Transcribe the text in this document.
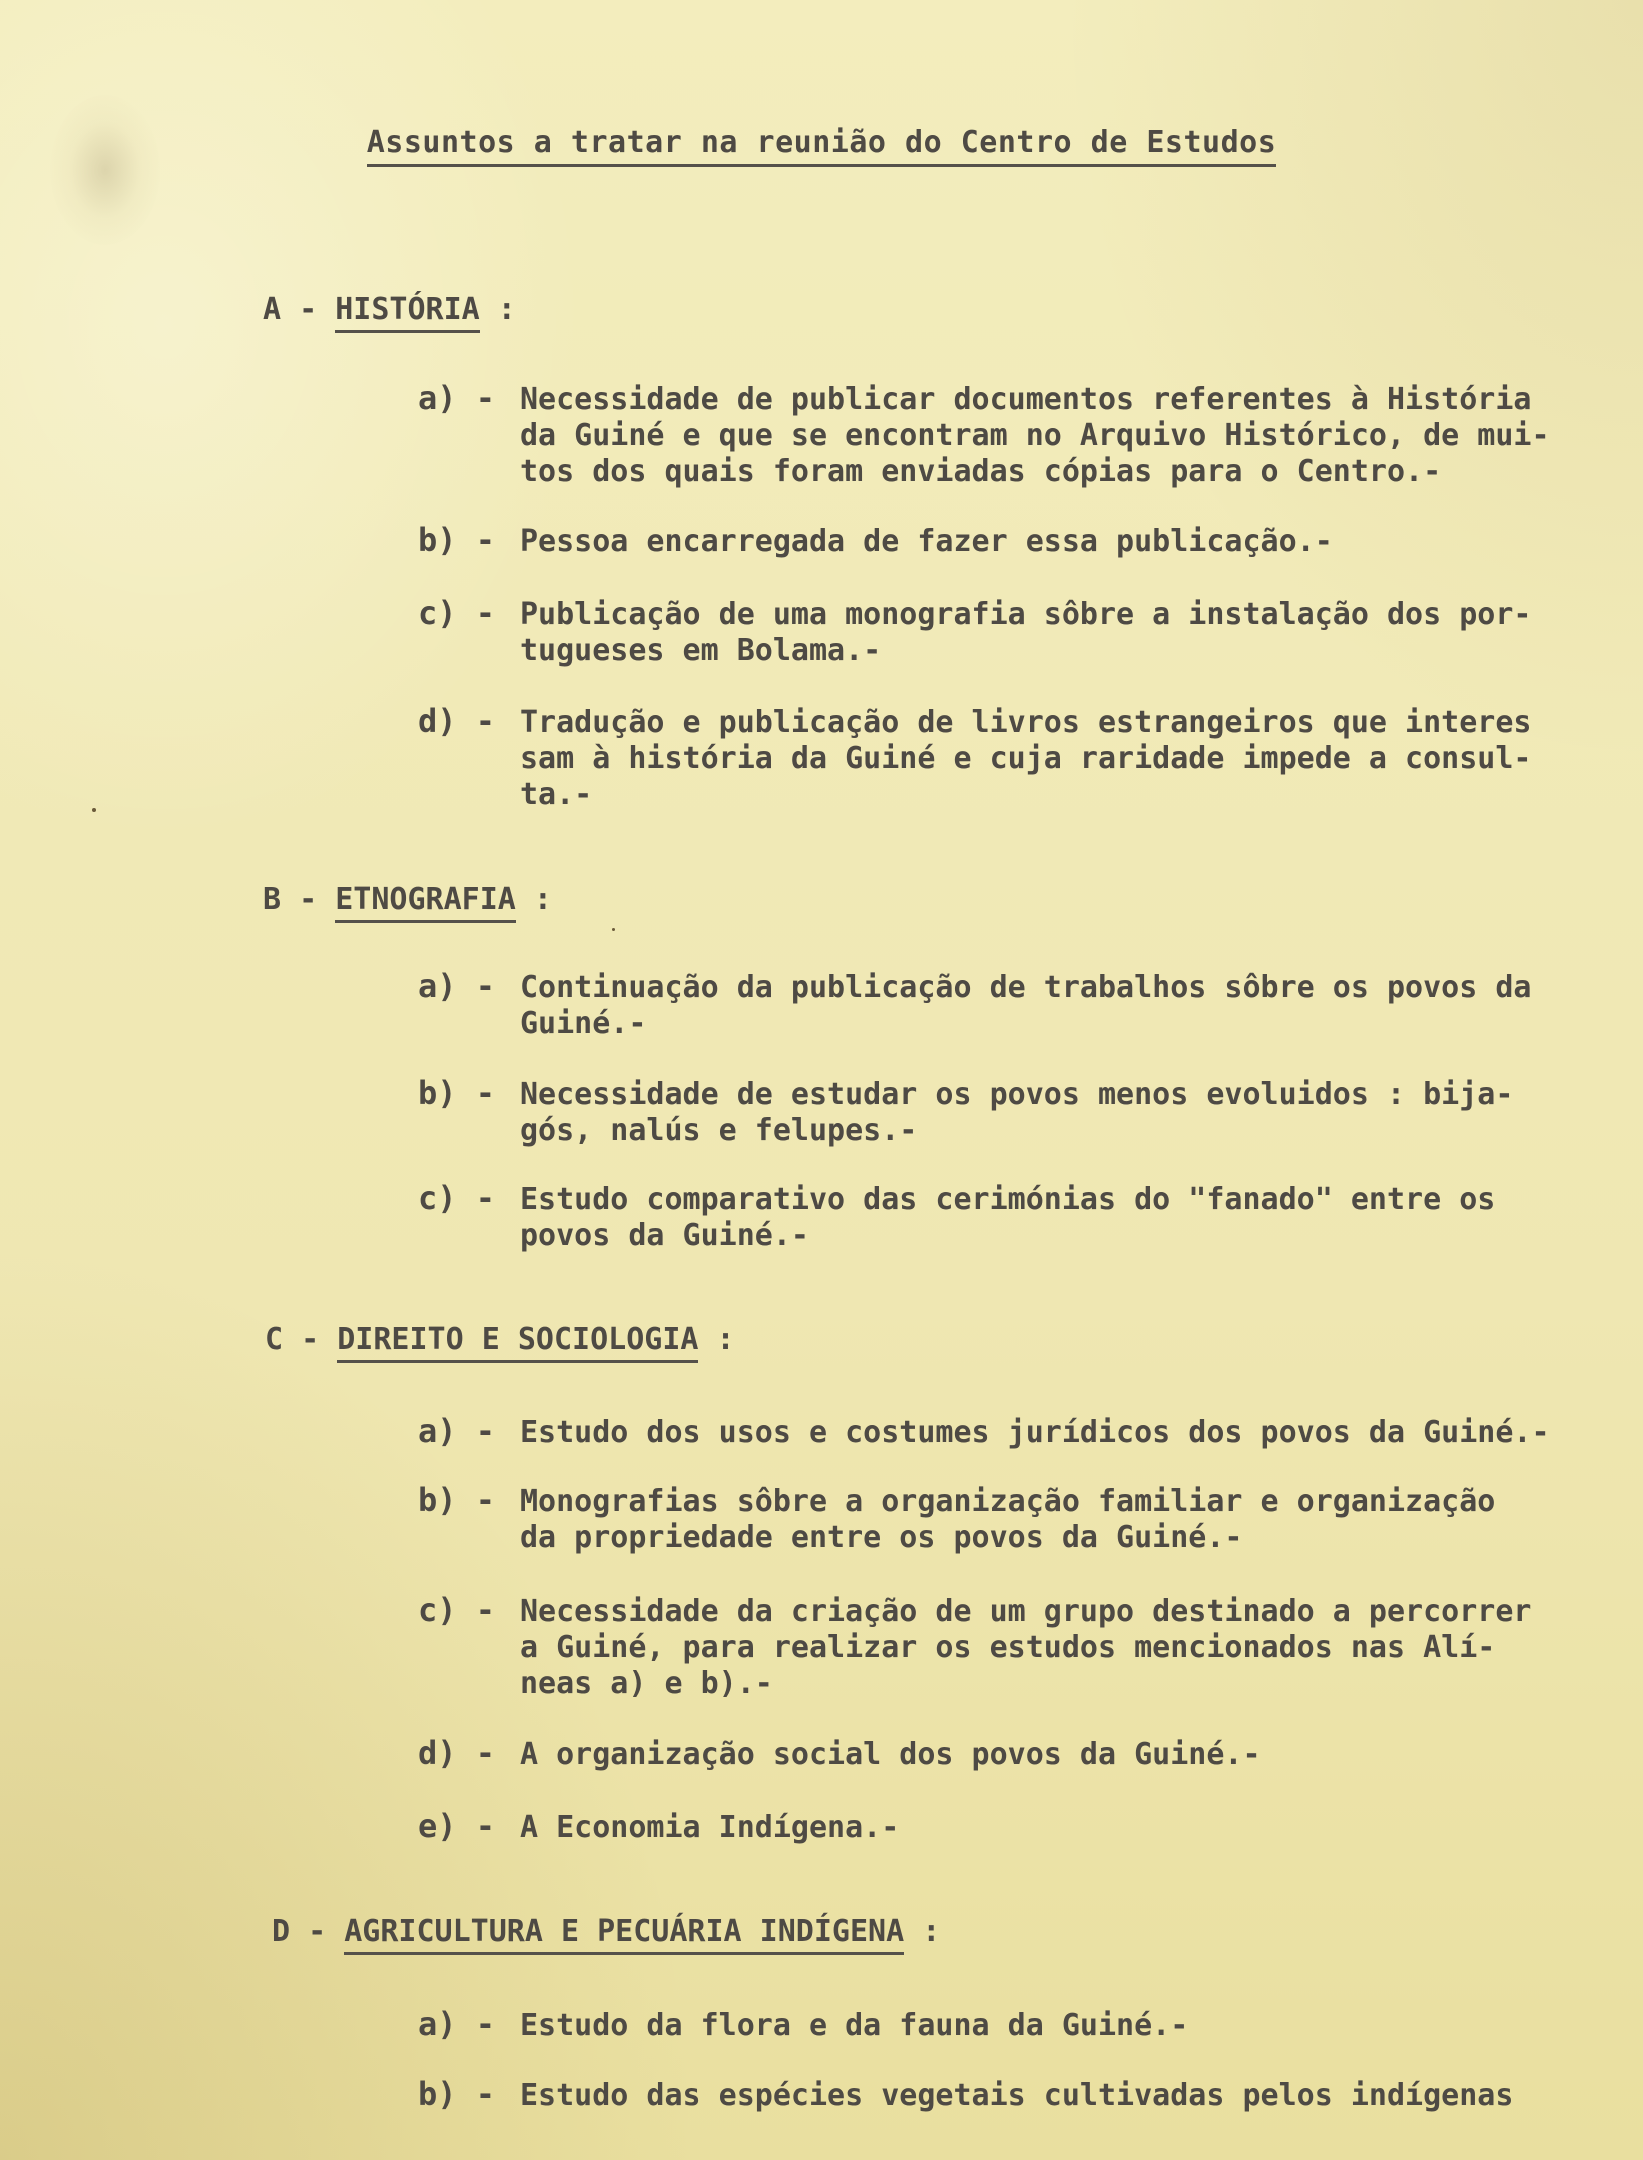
Assuntos a tratar na reunião do Centro de Estudos
A - HISTÓRIA :
a) - Necessidade de publicar documentos referentes à História
da Guiné e que se encontram no Arquivo Histórico, de mui-
tos dos quais foram enviadas cópias para o Centro.-
b) - Pessoa encarregada de fazer essa publicação.-
c) - Publicação de uma monografia sôbre a instalação dos por-
tugueses em Bolama.-
d) - Tradução e publicação de livros estrangeiros que interes
sam à história da Guiné e cuja raridade impede a consul-
ta.-
B - ETNOGRAFIA :
a) - Continuação da publicação de trabalhos sôbre os povos da
Guiné.-
b) - Necessidade de estudar os povos menos evoluidos : bija-
gós, nalús e felupes.-
c) - Estudo comparativo das cerimónias do "fanado" entre os
povos da Guiné.-
C - DIREITO E SOCIOLOGIA :
a) - Estudo dos usos e costumes jurídicos dos povos da Guiné.-
b) - Monografias sôbre a organização familiar e organização
da propriedade entre os povos da Guiné.-
c) - Necessidade da criação de um grupo destinado a percorrer
a Guiné, para realizar os estudos mencionados nas Alí-
neas a) e b).-
d) - A organização social dos povos da Guiné.-
e) - A Economia Indígena.-
D - AGRICULTURA E PECUÁRIA INDÍGENA :
a) - Estudo da flora e da fauna da Guiné.-
b) - Estudo das espécies vegetais cultivadas pelos indígenas
